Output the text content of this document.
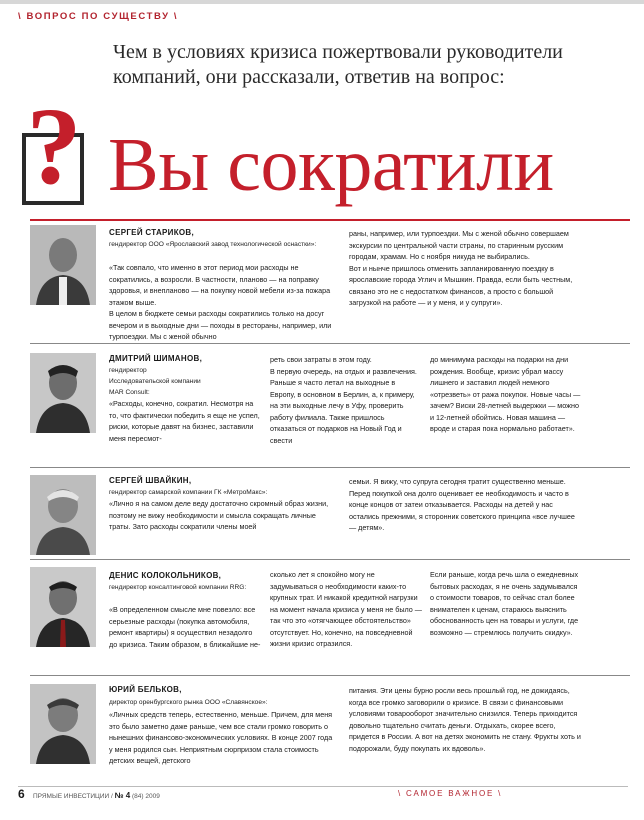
\ ВОПРОС ПО СУЩЕСТВУ \
Чем в условиях кризиса пожертвовали руководители компаний, они рассказали, ответив на вопрос:
? Вы сократили
СЕРГЕЙ СТАРИКОВ,
гендиректор ООО «Ярославский завод технологической оснастки»:
«Так совпало, что именно в этот период мои расходы не сократились, а возросли. В частности, планово — на поправку здоровья, и внепланово — на покупку новой мебели из-за пожара этажом выше.
В целом в бюджете семьи расходы сократились только на досуг вечером и в выходные дни — походы в рестораны, например, или турпоездки. Мы с женой обычно
раны, например, или турпоездки. Мы с женой обычно совершаем экскурсии по центральной части страны, по старинным русским городам, храмам. Но с ноября никуда не выбирались.
Вот и нынче пришлось отменить запланированную поездку в ярославские города Углич и Мышкин. Правда, если быть честным, связано это не с недостатком финансов, а просто с большой загрузкой на работе — и у меня, и у супруги».
ДМИТРИЙ ШИМАНОВ,
гендиректор
Исследовательской компании
MAR Consult:
«Расходы, конечно, сократил. Несмотря на то, что фактически победить я еще не успел, риски, которые давят на бизнес, заставили меня пересмот-
реть свои затраты в этом году.
В первую очередь, на отдых и развлечения. Раньше я часто летал на выходные в Европу, в основном в Берлин, а, к примеру, на эти выходные лечу в Уфу, проверить работу филиала. Также пришлось отказаться от подарков на Новый Год и свести
до минимума расходы на подарки на дни рождения. Вообще, кризис убрал массу лишнего и заставил людей немного «отрезветь» от ража покупок. Новые часы — зачем? Виски 28-летней выдержки — можно и 12-летней обойтись. Новая машина — вроде и старая пока нормально работает».
СЕРГЕЙ ШВАЙКИН,
гендиректор самарской компании ГК «МетроМакс»:
«Лично я на самом деле веду достаточно скромный образ жизни, поэтому не вижу необходимости и смысла сокращать личные траты. Зато расходы сократили члены моей
семьи. Я вижу, что супруга сегодня тратит существенно меньше. Перед покупкой она долго оценивает ее необходимость и часто в конце концов от затеи отказывается. Расходы на детей у нас остались прежними, я сторонник советского принципа «все лучшее — детям».
ДЕНИС КОЛОКОЛЬНИКОВ,
гендиректор консалтинговой компании RRG:
«В определенном смысле мне повезло: все серьезные расходы (покупка автомобиля, ремонт квартиры) я осуществил незадолго до кризиса. Таким образом, в ближайшие не-
сколько лет я спокойно могу не задумываться о необходимости каких-то крупных трат. И никакой кредитной нагрузки на момент начала кризиса у меня не было — так что это «отягчающее обстоятельство» отсутствует. Но, конечно, на повседневной жизни кризис отразился.
Если раньше, когда речь шла о ежедневных бытовых расходах, я не очень задумывался о стоимости товаров, то сейчас стал более внимателен к ценам, стараюсь выяснить обоснованность цен на товары и услуги, где возможно — стремлюсь получить скидку».
ЮРИЙ БЕЛЬКОВ,
директор оренбургского рынка ООО «Славянское»:
«Личных средств теперь, естественно, меньше. Причем, для меня это было заметно даже раньше, чем все стали громко говорить о нынешних финансово-экономических условиях. В конце 2007 года у меня родился сын. Неприятным сюрпризом стала стоимость детских вещей, детского
питания. Эти цены бурно росли весь прошлый год, не дожидаясь, когда все громко заговорили о кризисе. В связи с финансовыми условиями товарооборот значительно снизился. Теперь приходится довольно тщательно считать деньги. Отдыхать, скорее всего, придется в России. А вот на детях экономить не стану. Фрукты хоть и подорожали, буду покупать их вдоволь».
6 ПРЯМЫЕ ИНВЕСТИЦИИ / № 4 (84) 2009	\ САМОЕ ВАЖНОЕ \
